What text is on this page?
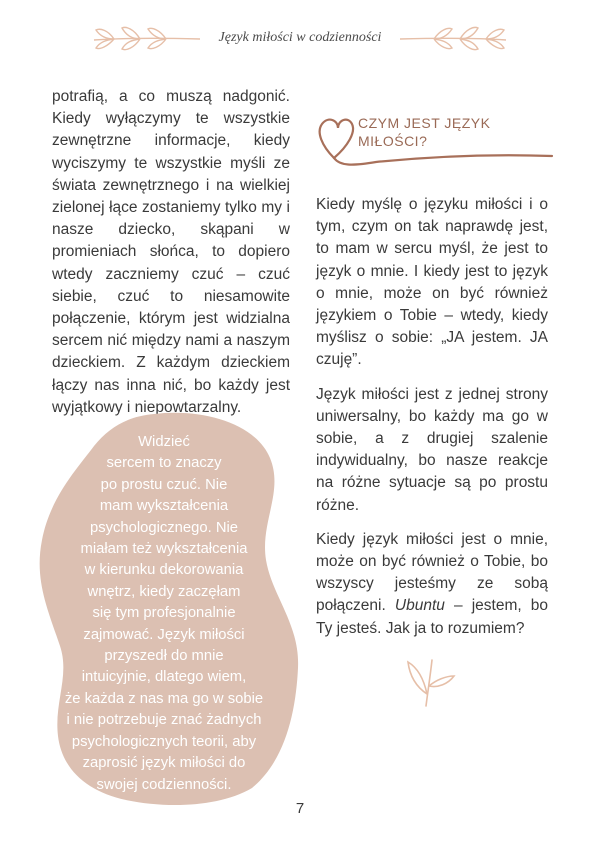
Język miłości w codzienności

potrafią, a co muszą nadgonić. Kiedy wyłączymy te wszystkie zewnętrzne informacje, kiedy wyciszymy te wszystkie myśli ze świata zewnętrznego i na wielkiej zielonej łące zostaniemy tylko my i nasze dziecko, skąpani w promieniach słońca, to dopiero wtedy zaczniemy czuć – czuć siebie, czuć to niesamowite połączenie, którym jest widzialna sercem nić między nami a naszym dzieckiem. Z każdym dzieckiem łączy nas inna nić, bo każdy jest wyjątkowy i niepowtarzalny.

Widzieć
sercem to znaczy
po prostu czuć. Nie
mam wykształcenia
psychologicznego. Nie
miałam też wykształcenia
w kierunku dekorowania
wnętrz, kiedy zaczęłam
się tym profesjonalnie
zajmować. Język miłości
przyszedł do mnie
intuicyjnie, dlatego wiem,
że każda z nas ma go w sobie
i nie potrzebuje znać żadnych
psychologicznych teorii, aby
zaprosić język miłości do
swojej codzienności.
CZYM JEST JĘZYK MIŁOŚCI?

Kiedy myślę o języku miłości i o tym, czym on tak naprawdę jest, to mam w sercu myśl, że jest to język o mnie. I kiedy jest to język o mnie, może on być również językiem o Tobie – wtedy, kiedy myślisz o sobie: „JA jestem. JA czuję”.

Język miłości jest z jednej strony uniwersalny, bo każdy ma go w sobie, a z drugiej szalenie indywidualny, bo nasze reakcje na różne sytuacje są po prostu różne.

Kiedy język miłości jest o mnie, może on być również o Tobie, bo wszyscy jesteśmy ze sobą połączeni. Ubuntu – jestem, bo Ty jesteś. Jak ja to rozumiem?

7
